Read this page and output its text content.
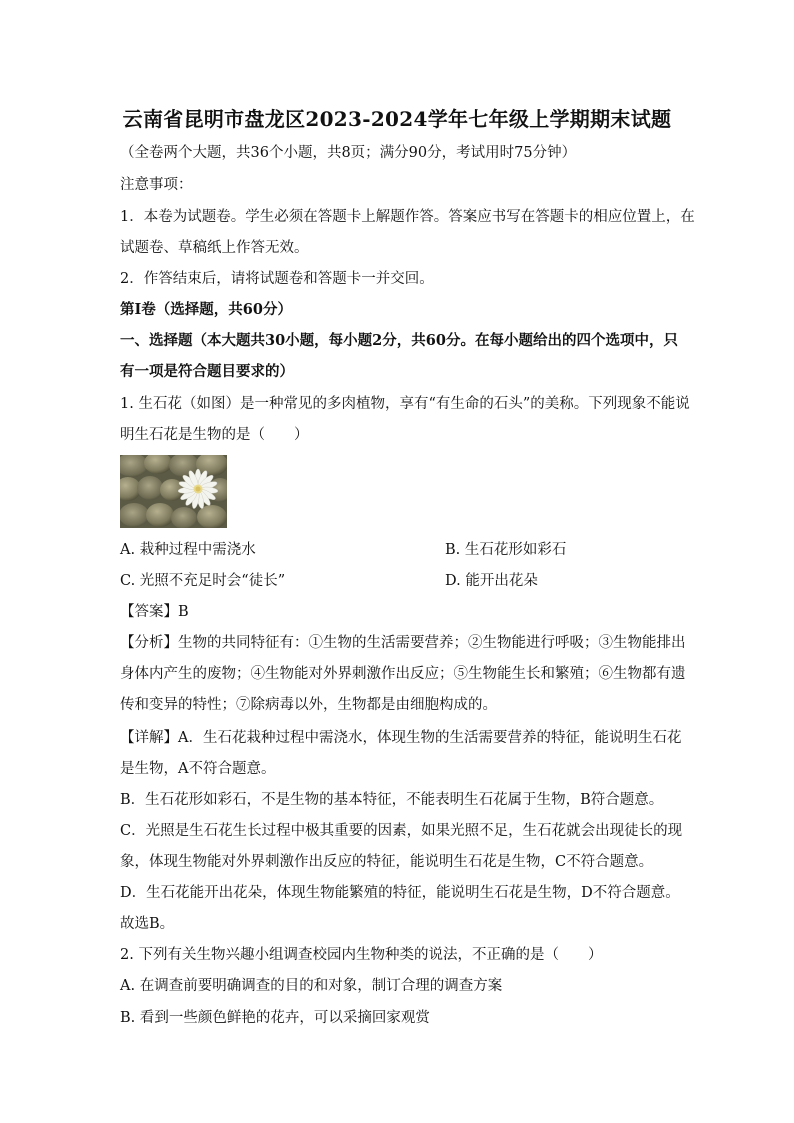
云南省昆明市盘龙区2023-2024学年七年级上学期期末试题
（全卷两个大题，共36个小题，共8页；满分90分，考试用时75分钟）
注意事项：
1．本卷为试题卷。学生必须在答题卡上解题作答。答案应书写在答题卡的相应位置上，在
试题卷、草稿纸上作答无效。
2．作答结束后，请将试题卷和答题卡一并交回。
第Ⅰ卷（选择题，共60分）
一、选择题（本大题共30小题，每小题2分，共60分。在每小题给出的四个选项中，只
有一项是符合题目要求的）
1. 生石花（如图）是一种常见的多肉植物，享有“有生命的石头”的美称。下列现象不能说
明生石花是生物的是（　　）
A. 栽种过程中需浇水	B. 生石花形如彩石
C. 光照不充足时会“徒长”	D. 能开出花朵
【答案】B
【分析】生物的共同特征有：①生物的生活需要营养；②生物能进行呼吸；③生物能排出
身体内产生的废物；④生物能对外界刺激作出反应；⑤生物能生长和繁殖；⑥生物都有遗
传和变异的特性；⑦除病毒以外，生物都是由细胞构成的。
【详解】A．生石花栽种过程中需浇水，体现生物的生活需要营养的特征，能说明生石花
是生物，A不符合题意。
B．生石花形如彩石，不是生物的基本特征，不能表明生石花属于生物，B符合题意。
C．光照是生石花生长过程中极其重要的因素，如果光照不足，生石花就会出现徒长的现
象，体现生物能对外界刺激作出反应的特征，能说明生石花是生物，C不符合题意。
D．生石花能开出花朵，体现生物能繁殖的特征，能说明生石花是生物，D不符合题意。
故选B。
2. 下列有关生物兴趣小组调查校园内生物种类的说法，不正确的是（　　）
A. 在调查前要明确调查的目的和对象，制订合理的调查方案
B. 看到一些颜色鲜艳的花卉，可以采摘回家观赏
